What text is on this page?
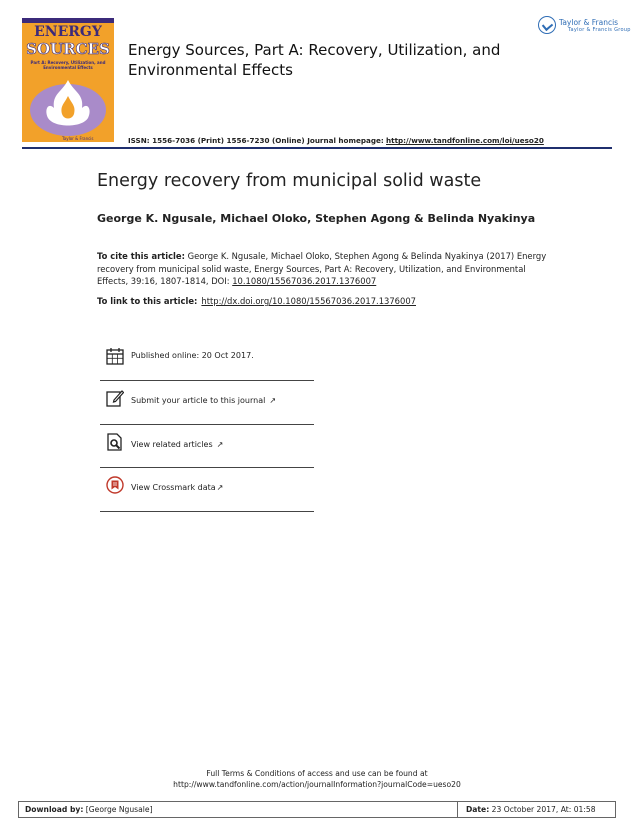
ENERGY
SOURCES
Part A: Recovery, Utilization, and Environmental Effects
Taylor & Francis
Energy Sources, Part A: Recovery, Utilization, and Environmental Effects
Taylor & Francis
Taylor & Francis Group
ISSN: 1556-7036 (Print) 1556-7230 (Online) Journal homepage: http://www.tandfonline.com/loi/ueso20
Energy recovery from municipal solid waste
George K. Ngusale, Michael Oloko, Stephen Agong & Belinda Nyakinya
To cite this article: George K. Ngusale, Michael Oloko, Stephen Agong & Belinda Nyakinya (2017) Energy recovery from municipal solid waste, Energy Sources, Part A: Recovery, Utilization, and Environmental Effects, 39:16, 1807-1814, DOI: 10.1080/15567036.2017.1376007
To link to this article: http://dx.doi.org/10.1080/15567036.2017.1376007
Published online: 20 Oct 2017.
Submit your article to this journal ↗︎
View related articles ↗︎
View Crossmark data↗︎
Full Terms & Conditions of access and use can be found at
http://www.tandfonline.com/action/journalInformation?journalCode=ueso20
Download by: [George Ngusale]	Date: 23 October 2017, At: 01:58
